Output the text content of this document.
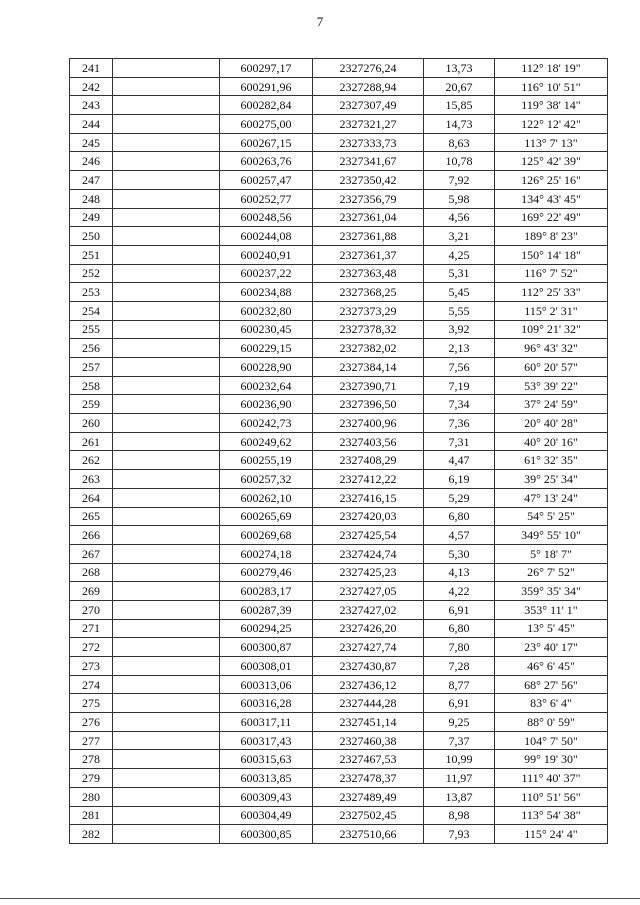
7
241		600297,17	2327276,24	13,73	112° 18' 19"
242		600291,96	2327288,94	20,67	116° 10' 51"
243		600282,84	2327307,49	15,85	119° 38' 14"
244		600275,00	2327321,27	14,73	122° 12' 42"
245		600267,15	2327333,73	8,63	113° 7' 13"
246		600263,76	2327341,67	10,78	125° 42' 39"
247		600257,47	2327350,42	7,92	126° 25' 16"
248		600252,77	2327356,79	5,98	134° 43' 45"
249		600248,56	2327361,04	4,56	169° 22' 49"
250		600244,08	2327361,88	3,21	189° 8' 23"
251		600240,91	2327361,37	4,25	150° 14' 18"
252		600237,22	2327363,48	5,31	116° 7' 52"
253		600234,88	2327368,25	5,45	112° 25' 33"
254		600232,80	2327373,29	5,55	115° 2' 31"
255		600230,45	2327378,32	3,92	109° 21' 32"
256		600229,15	2327382,02	2,13	96° 43' 32"
257		600228,90	2327384,14	7,56	60° 20' 57"
258		600232,64	2327390,71	7,19	53° 39' 22"
259		600236,90	2327396,50	7,34	37° 24' 59"
260		600242,73	2327400,96	7,36	20° 40' 28"
261		600249,62	2327403,56	7,31	40° 20' 16"
262		600255,19	2327408,29	4,47	61° 32' 35"
263		600257,32	2327412,22	6,19	39° 25' 34"
264		600262,10	2327416,15	5,29	47° 13' 24"
265		600265,69	2327420,03	6,80	54° 5' 25"
266		600269,68	2327425,54	4,57	349° 55' 10"
267		600274,18	2327424,74	5,30	5° 18' 7"
268		600279,46	2327425,23	4,13	26° 7' 52"
269		600283,17	2327427,05	4,22	359° 35' 34"
270		600287,39	2327427,02	6,91	353° 11' 1"
271		600294,25	2327426,20	6,80	13° 5' 45"
272		600300,87	2327427,74	7,80	23° 40' 17"
273		600308,01	2327430,87	7,28	46° 6' 45"
274		600313,06	2327436,12	8,77	68° 27' 56"
275		600316,28	2327444,28	6,91	83° 6' 4"
276		600317,11	2327451,14	9,25	88° 0' 59"
277		600317,43	2327460,38	7,37	104° 7' 50"
278		600315,63	2327467,53	10,99	99° 19' 30"
279		600313,85	2327478,37	11,97	111° 40' 37"
280		600309,43	2327489,49	13,87	110° 51' 56"
281		600304,49	2327502,45	8,98	113° 54' 38"
282		600300,85	2327510,66	7,93	115° 24' 4"
